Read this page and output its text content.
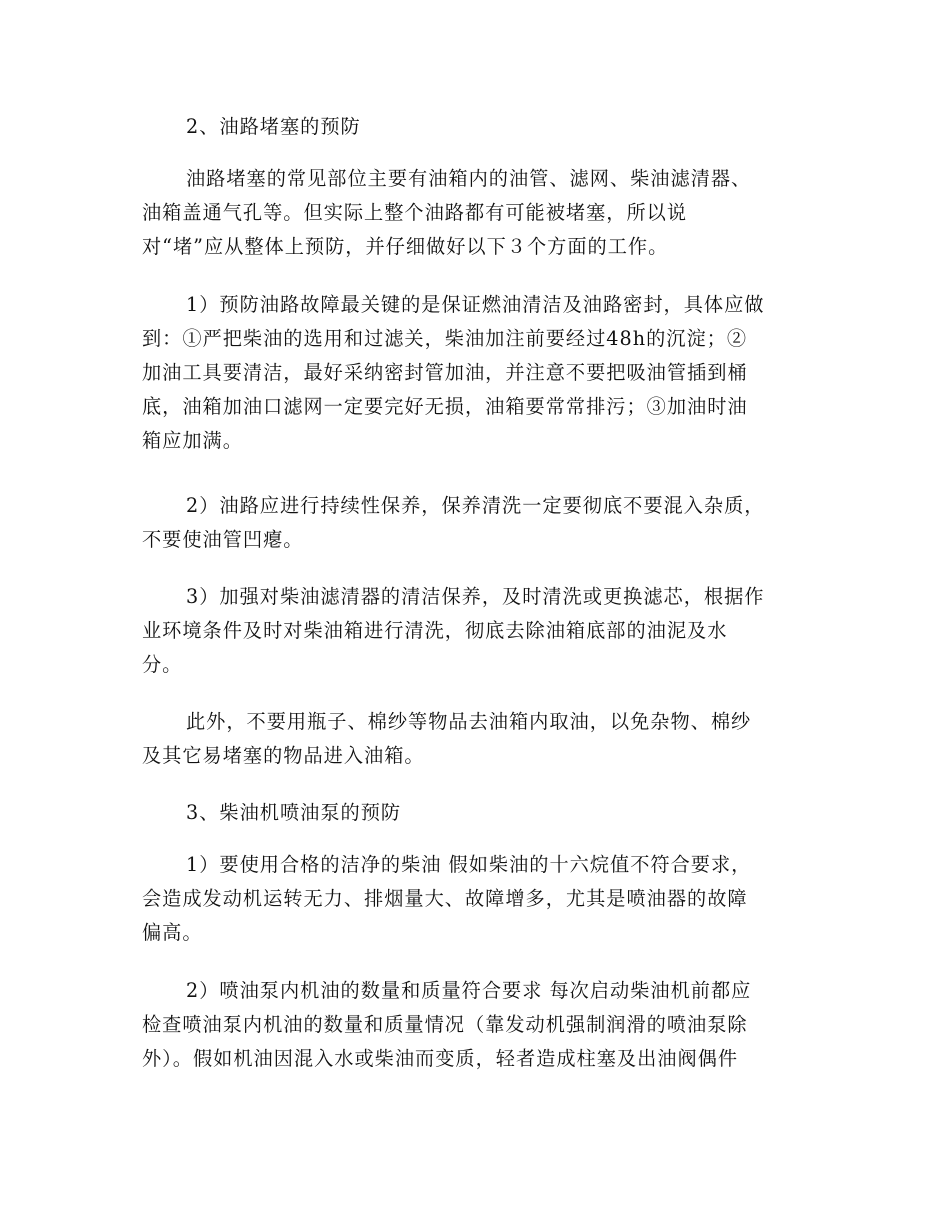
2、油路堵塞的预防
油路堵塞的常见部位主要有油箱内的油管、滤网、柴油滤清器、
油箱盖通气孔等。但实际上整个油路都有可能被堵塞，所以说
对“堵”应从整体上预防，并仔细做好以下３个方面的工作。
1）预防油路故障最关键的是保证燃油清洁及油路密封，具体应做
到：①严把柴油的选用和过滤关，柴油加注前要经过48h的沉淀；②
加油工具要清洁，最好采纳密封管加油，并注意不要把吸油管插到桶
底，油箱加油口滤网一定要完好无损，油箱要常常排污；③加油时油
箱应加满。
2）油路应进行持续性保养，保养清洗一定要彻底不要混入杂质，
不要使油管凹瘪。
3）加强对柴油滤清器的清洁保养，及时清洗或更换滤芯，根据作
业环境条件及时对柴油箱进行清洗，彻底去除油箱底部的油泥及水
分。
此外，不要用瓶子、棉纱等物品去油箱内取油，以免杂物、棉纱
及其它易堵塞的物品进入油箱。
3、柴油机喷油泵的预防
1）要使用合格的洁净的柴油 假如柴油的十六烷值不符合要求，
会造成发动机运转无力、排烟量大、故障增多，尤其是喷油器的故障
偏高。
2）喷油泵内机油的数量和质量符合要求 每次启动柴油机前都应
检查喷油泵内机油的数量和质量情况（靠发动机强制润滑的喷油泵除
外）。假如机油因混入水或柴油而变质，轻者造成柱塞及出油阀偶件
